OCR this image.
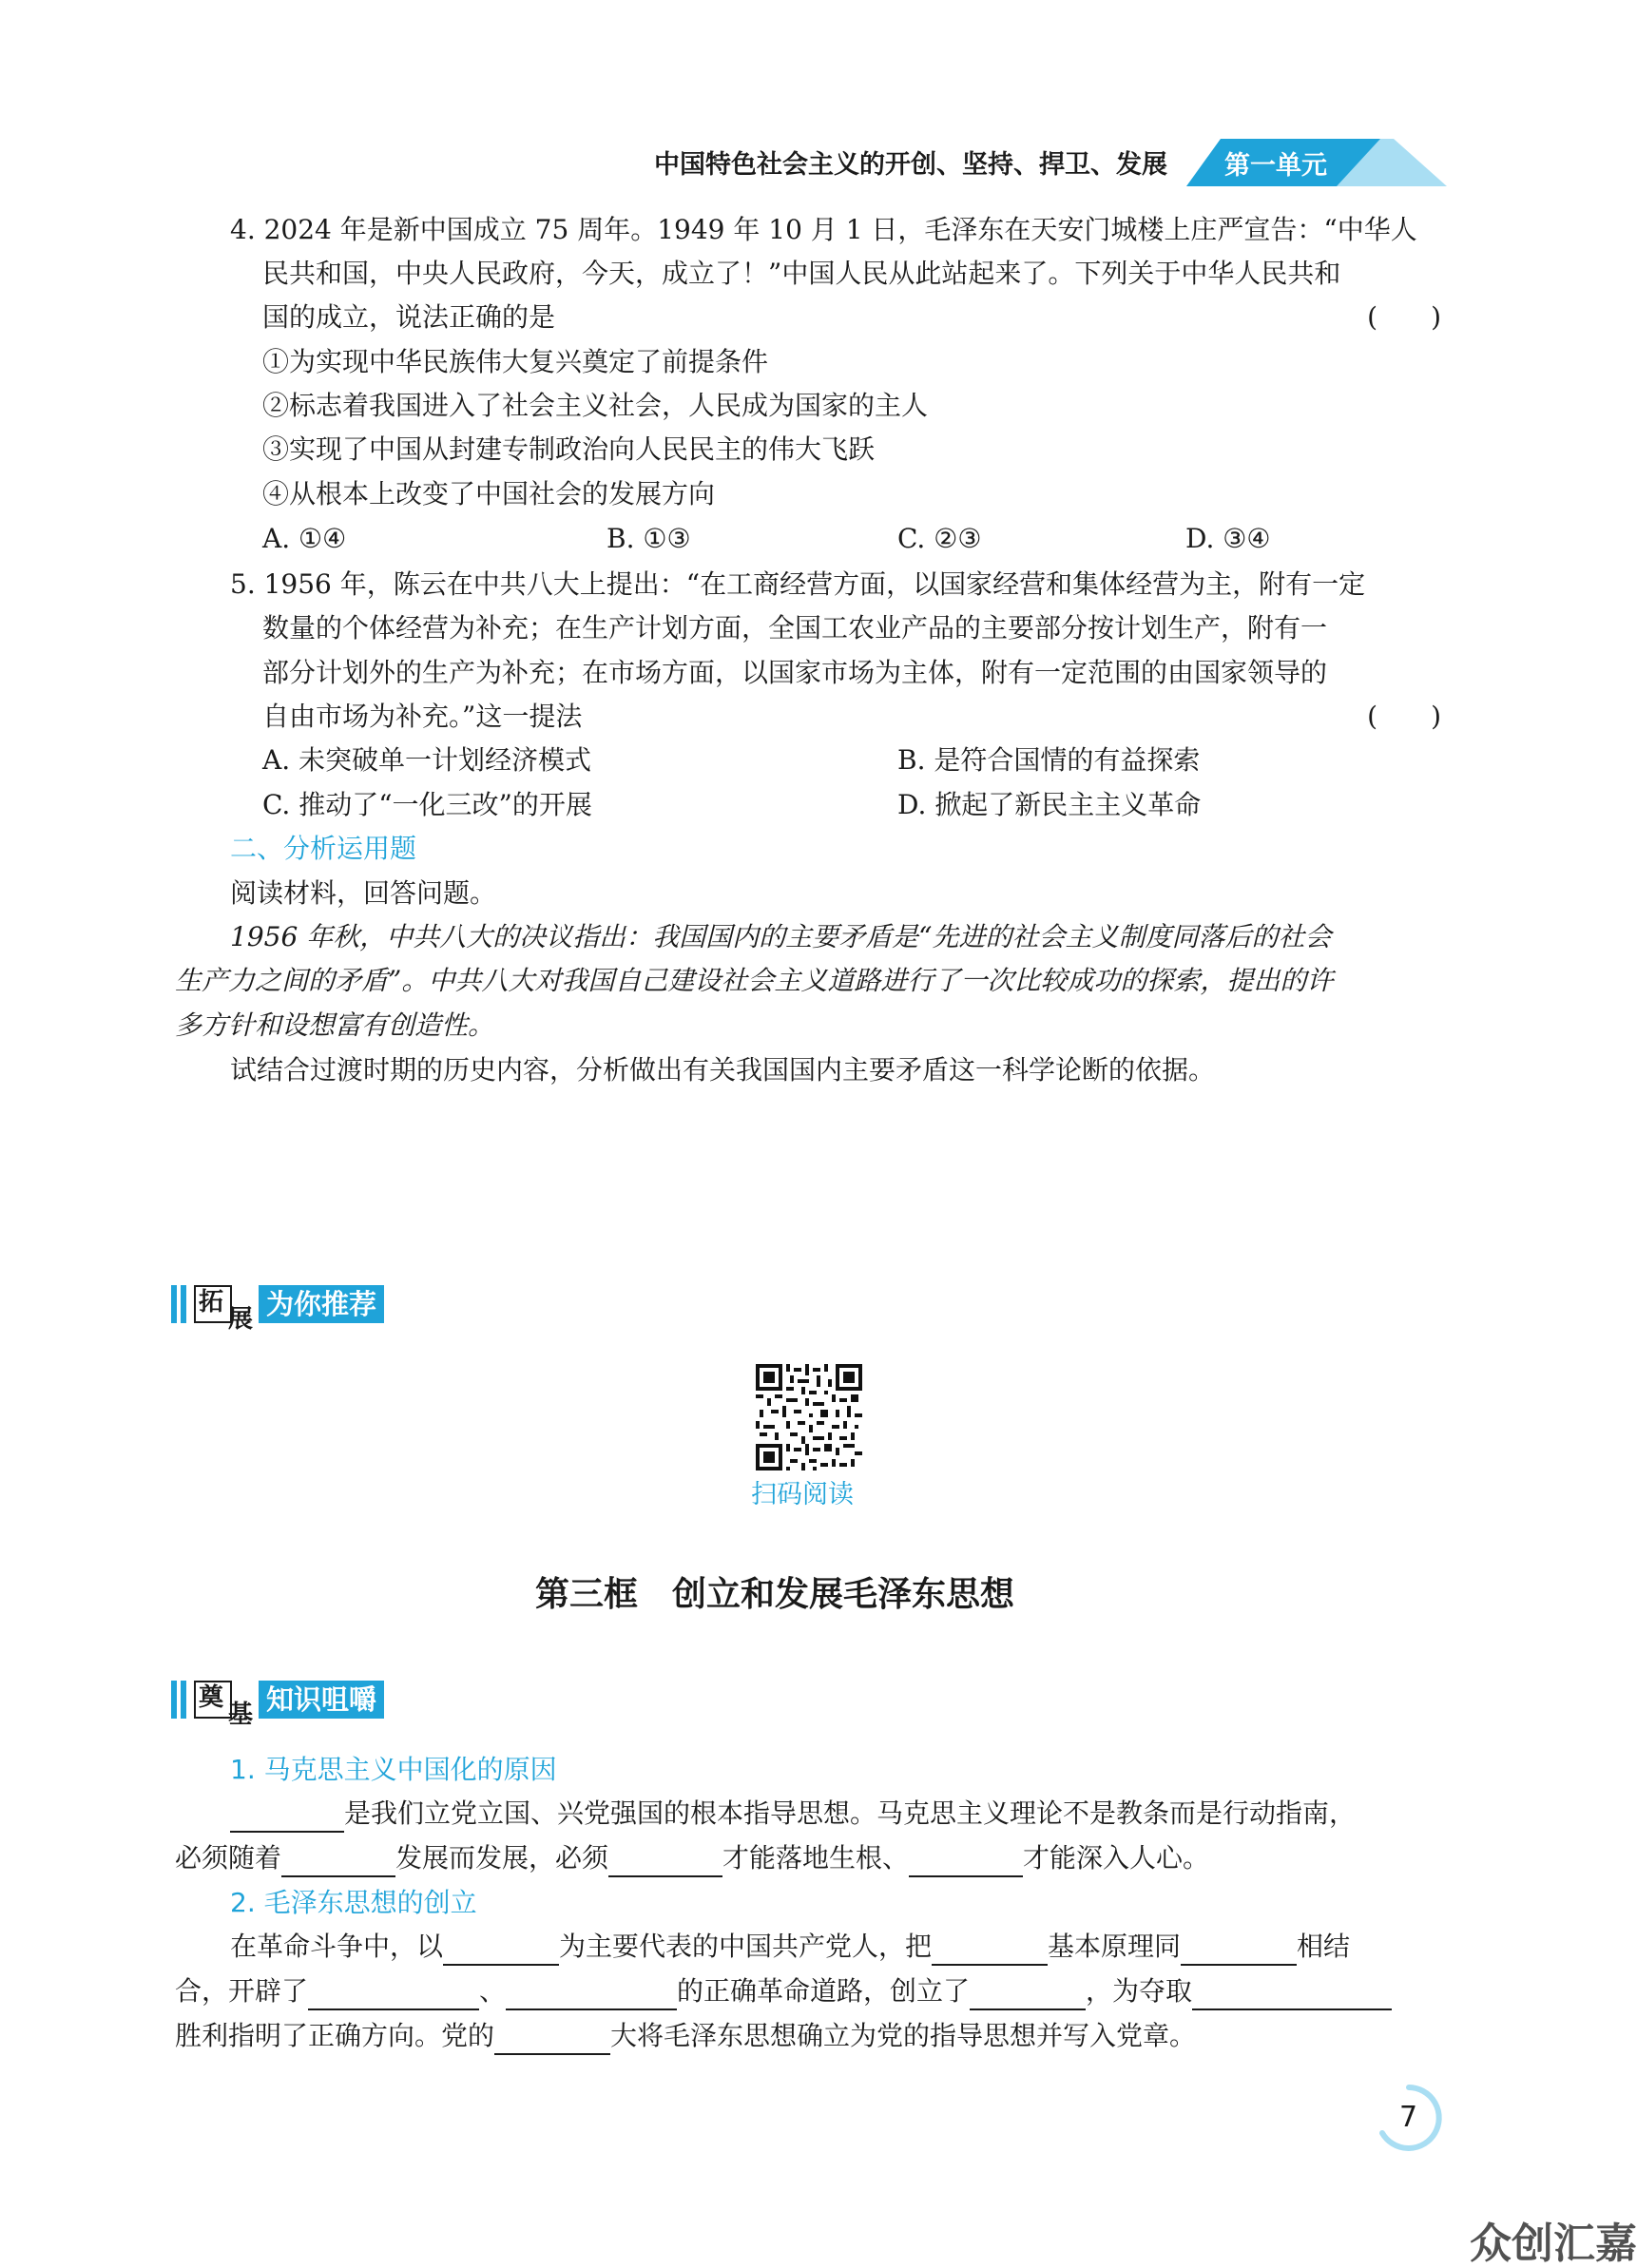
中国特色社会主义的开创、坚持、捍卫、发展 第一单元
4. 2024 年是新中国成立 75 周年。1949 年 10 月 1 日，毛泽东在天安门城楼上庄严宣告：“中华人
民共和国，中央人民政府，今天，成立了！”中国人民从此站起来了。下列关于中华人民共和
国的成立，说法正确的是	(　　)
①为实现中华民族伟大复兴奠定了前提条件
②标志着我国进入了社会主义社会，人民成为国家的主人
③实现了中国从封建专制政治向人民民主的伟大飞跃
④从根本上改变了中国社会的发展方向
A. ①④	B. ①③	C. ②③	D. ③④
5. 1956 年，陈云在中共八大上提出：“在工商经营方面，以国家经营和集体经营为主，附有一定
数量的个体经营为补充；在生产计划方面，全国工农业产品的主要部分按计划生产，附有一
部分计划外的生产为补充；在市场方面，以国家市场为主体，附有一定范围的由国家领导的
自由市场为补充。”这一提法	(　　)
A. 未突破单一计划经济模式	B. 是符合国情的有益探索
C. 推动了“一化三改”的开展	D. 掀起了新民主主义革命
二、分析运用题
阅读材料，回答问题。
1956 年秋，中共八大的决议指出：我国国内的主要矛盾是“先进的社会主义制度同落后的社会
生产力之间的矛盾”。中共八大对我国自己建设社会主义道路进行了一次比较成功的探索，提出的许
多方针和设想富有创造性。
试结合过渡时期的历史内容，分析做出有关我国国内主要矛盾这一科学论断的依据。
拓
展 为你推荐
扫码阅读
第三框　创立和发展毛泽东思想
奠
基 知识咀嚼
1. 马克思主义中国化的原因
是我们立党立国、兴党强国的根本指导思想。马克思主义理论不是教条而是行动指南，
必须随着	发展而发展，必须	才能落地生根、	才能深入人心。
2. 毛泽东思想的创立
在革命斗争中，以	为主要代表的中国共产党人，把	基本原理同	相结
合，开辟了	、	的正确革命道路，创立了	，为夺取
胜利指明了正确方向。党的	大将毛泽东思想确立为党的指导思想并写入党章。
7
众创汇嘉
